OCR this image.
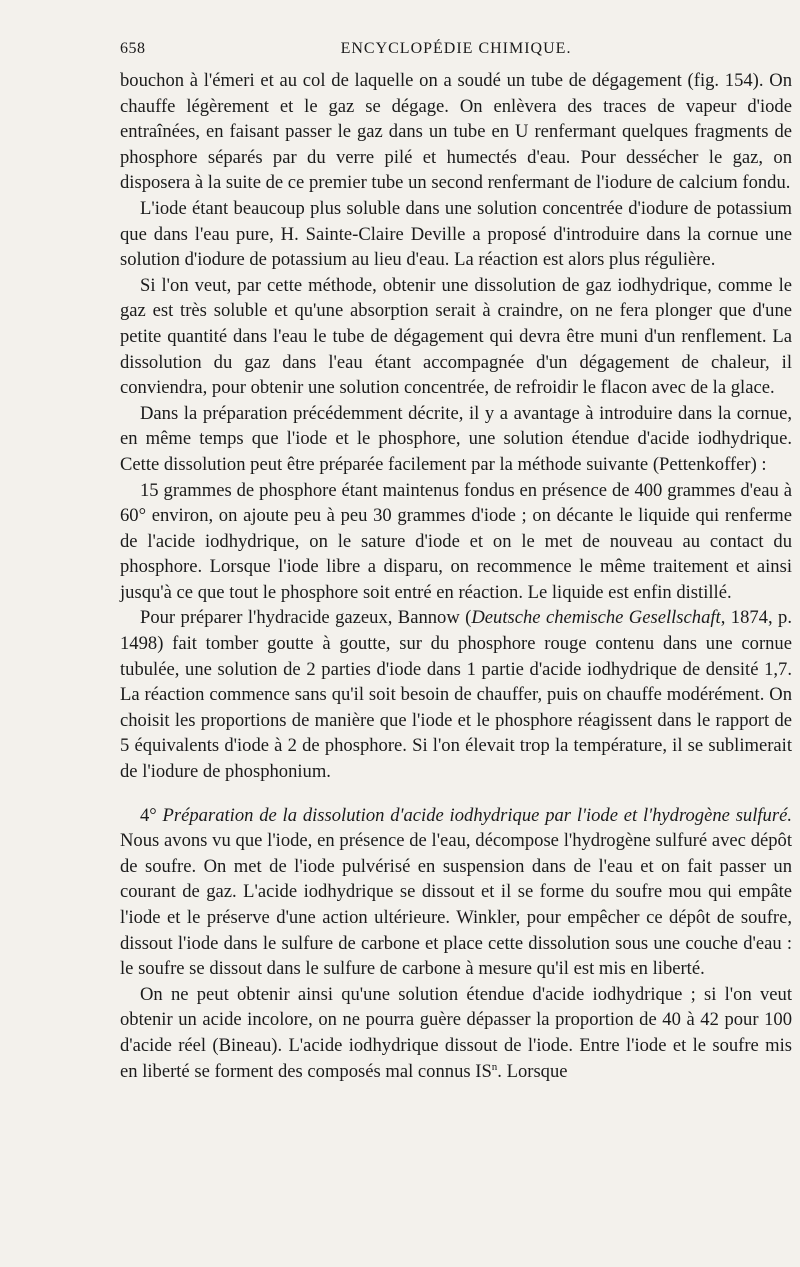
658	ENCYCLOPÉDIE CHIMIQUE.

bouchon à l'émeri et au col de laquelle on a soudé un tube de dégagement (fig. 154). On chauffe légèrement et le gaz se dégage. On enlèvera des traces de vapeur d'iode entraînées, en faisant passer le gaz dans un tube en U renfermant quelques fragments de phosphore séparés par du verre pilé et humectés d'eau. Pour dessécher le gaz, on disposera à la suite de ce premier tube un second renfermant de l'iodure de calcium fondu.

L'iode étant beaucoup plus soluble dans une solution concentrée d'iodure de potassium que dans l'eau pure, H. Sainte-Claire Deville a proposé d'introduire dans la cornue une solution d'iodure de potassium au lieu d'eau. La réaction est alors plus régulière.

Si l'on veut, par cette méthode, obtenir une dissolution de gaz iodhydrique, comme le gaz est très soluble et qu'une absorption serait à craindre, on ne fera plonger que d'une petite quantité dans l'eau le tube de dégagement qui devra être muni d'un renflement. La dissolution du gaz dans l'eau étant accompagnée d'un dégagement de chaleur, il conviendra, pour obtenir une solution concentrée, de refroidir le flacon avec de la glace.

Dans la préparation précédemment décrite, il y a avantage à introduire dans la cornue, en même temps que l'iode et le phosphore, une solution étendue d'acide iodhydrique. Cette dissolution peut être préparée facilement par la méthode suivante (Pettenkoffer) :

15 grammes de phosphore étant maintenus fondus en présence de 400 grammes d'eau à 60° environ, on ajoute peu à peu 30 grammes d'iode ; on décante le liquide qui renferme de l'acide iodhydrique, on le sature d'iode et on le met de nouveau au contact du phosphore. Lorsque l'iode libre a disparu, on recommence le même traitement et ainsi jusqu'à ce que tout le phosphore soit entré en réaction. Le liquide est enfin distillé.

Pour préparer l'hydracide gazeux, Bannow (Deutsche chemische Gesellschaft, 1874, p. 1498) fait tomber goutte à goutte, sur du phosphore rouge contenu dans une cornue tubulée, une solution de 2 parties d'iode dans 1 partie d'acide iodhydrique de densité 1,7. La réaction commence sans qu'il soit besoin de chauffer, puis on chauffe modérément. On choisit les proportions de manière que l'iode et le phosphore réagissent dans le rapport de 5 équivalents d'iode à 2 de phosphore. Si l'on élevait trop la température, il se sublimerait de l'iodure de phosphonium.

4° Préparation de la dissolution d'acide iodhydrique par l'iode et l'hydrogène sulfuré. Nous avons vu que l'iode, en présence de l'eau, décompose l'hydrogène sulfuré avec dépôt de soufre. On met de l'iode pulvérisé en suspension dans de l'eau et on fait passer un courant de gaz. L'acide iodhydrique se dissout et il se forme du soufre mou qui empâte l'iode et le préserve d'une action ultérieure. Winkler, pour empêcher ce dépôt de soufre, dissout l'iode dans le sulfure de carbone et place cette dissolution sous une couche d'eau : le soufre se dissout dans le sulfure de carbone à mesure qu'il est mis en liberté.

On ne peut obtenir ainsi qu'une solution étendue d'acide iodhydrique ; si l'on veut obtenir un acide incolore, on ne pourra guère dépasser la proportion de 40 à 42 pour 100 d'acide réel (Bineau). L'acide iodhydrique dissout de l'iode. Entre l'iode et le soufre mis en liberté se forment des composés mal connus $IS^n$. Lorsque
